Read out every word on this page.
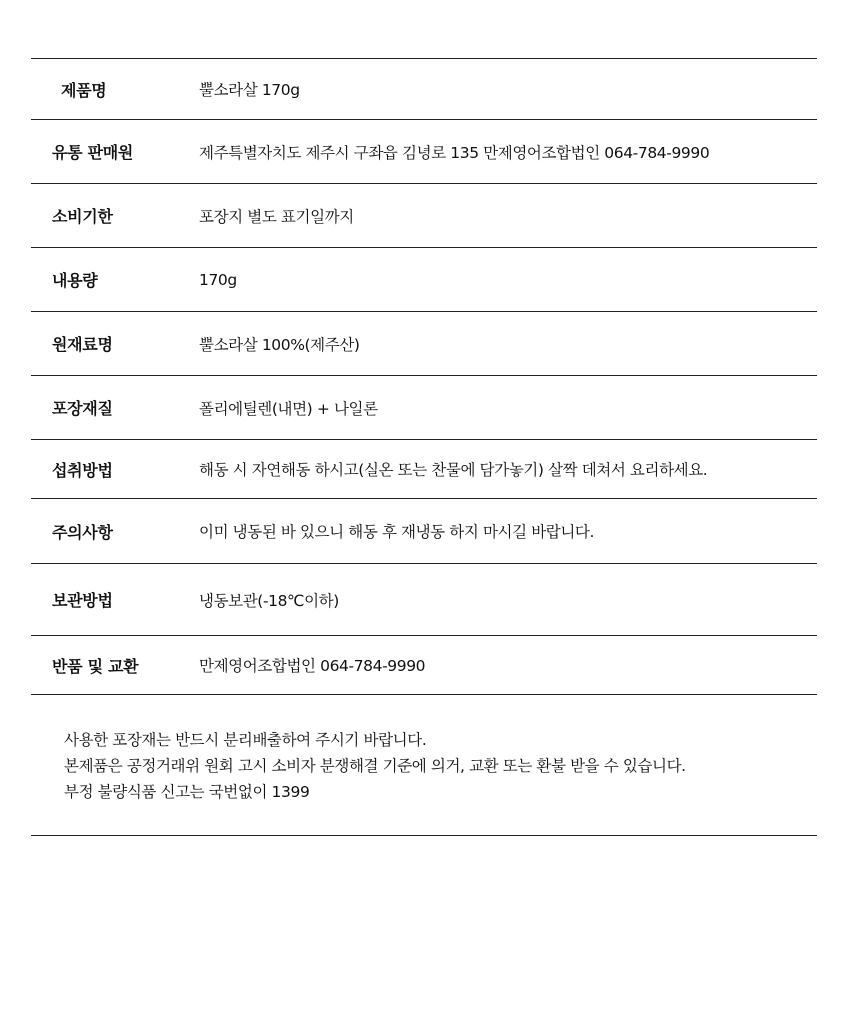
제품명	뿔소라살 170g
유통 판매원	제주특별자치도 제주시 구좌읍 김녕로 135 만제영어조합법인 064-784-9990
소비기한	포장지 별도 표기일까지
내용량	170g
원재료명	뿔소라살 100%(제주산)
포장재질	폴리에틸렌(내면) + 나일론
섭취방법	해동 시 자연해동 하시고(실온 또는 찬물에 담가놓기) 살짝 데쳐서 요리하세요.
주의사항	이미 냉동된 바 있으니 해동 후 재냉동 하지 마시길 바랍니다.
보관방법	냉동보관(-18℃이하)
반품 및 교환	만제영어조합법인 064-784-9990
사용한 포장재는 반드시 분리배출하여 주시기 바랍니다.
본제품은 공정거래위 원회 고시 소비자 분쟁해결 기준에 의거, 교환 또는 환불 받을 수 있습니다.
부정 불량식품 신고는 국번없이 1399
